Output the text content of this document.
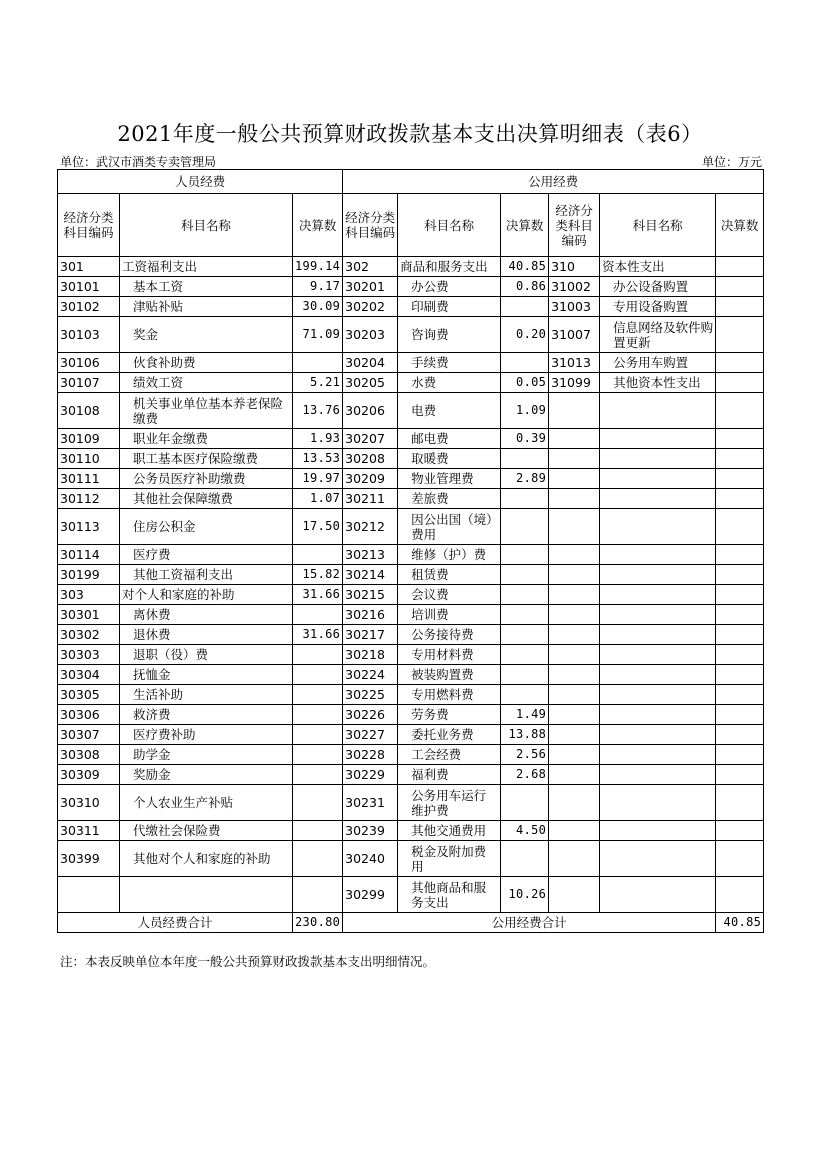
2021年度一般公共预算财政拨款基本支出决算明细表（表6）
单位：武汉市酒类专卖管理局	单位：万元
人员经费			公用经费					
经济分类科目编码	科目名称	决算数	经济分类科目编码	科目名称	决算数	经济分类科目编码	科目名称	决算数
301	工资福利支出	199.14	302	商品和服务支出	40.85	310	资本性支出	
30101	基本工资	9.17	30201	办公费	0.86	31002	办公设备购置	
30102	津贴补贴	30.09	30202	印刷费		31003	专用设备购置	
30103	奖金	71.09	30203	咨询费	0.20	31007	信息网络及软件购置更新	
30106	伙食补助费		30204	手续费		31013	公务用车购置	
30107	绩效工资	5.21	30205	水费	0.05	31099	其他资本性支出	
30108	机关事业单位基本养老保险缴费	13.76	30206	电费	1.09			
30109	职业年金缴费	1.93	30207	邮电费	0.39			
30110	职工基本医疗保险缴费	13.53	30208	取暖费				
30111	公务员医疗补助缴费	19.97	30209	物业管理费	2.89			
30112	其他社会保障缴费	1.07	30211	差旅费				
30113	住房公积金	17.50	30212	因公出国（境）费用				
30114	医疗费		30213	维修（护）费				
30199	其他工资福利支出	15.82	30214	租赁费				
303	对个人和家庭的补助	31.66	30215	会议费				
30301	离休费		30216	培训费				
30302	退休费	31.66	30217	公务接待费				
30303	退职（役）费		30218	专用材料费				
30304	抚恤金		30224	被装购置费				
30305	生活补助		30225	专用燃料费				
30306	救济费		30226	劳务费	1.49			
30307	医疗费补助		30227	委托业务费	13.88			
30308	助学金		30228	工会经费	2.56			
30309	奖励金		30229	福利费	2.68			
30310	个人农业生产补贴		30231	公务用车运行维护费				
30311	代缴社会保险费		30239	其他交通费用	4.50			
30399	其他对个人和家庭的补助		30240	税金及附加费用				
			30299	其他商品和服务支出	10.26			
人员经费合计		230.80	公用经费合计					40.85
注：本表反映单位本年度一般公共预算财政拨款基本支出明细情况。
